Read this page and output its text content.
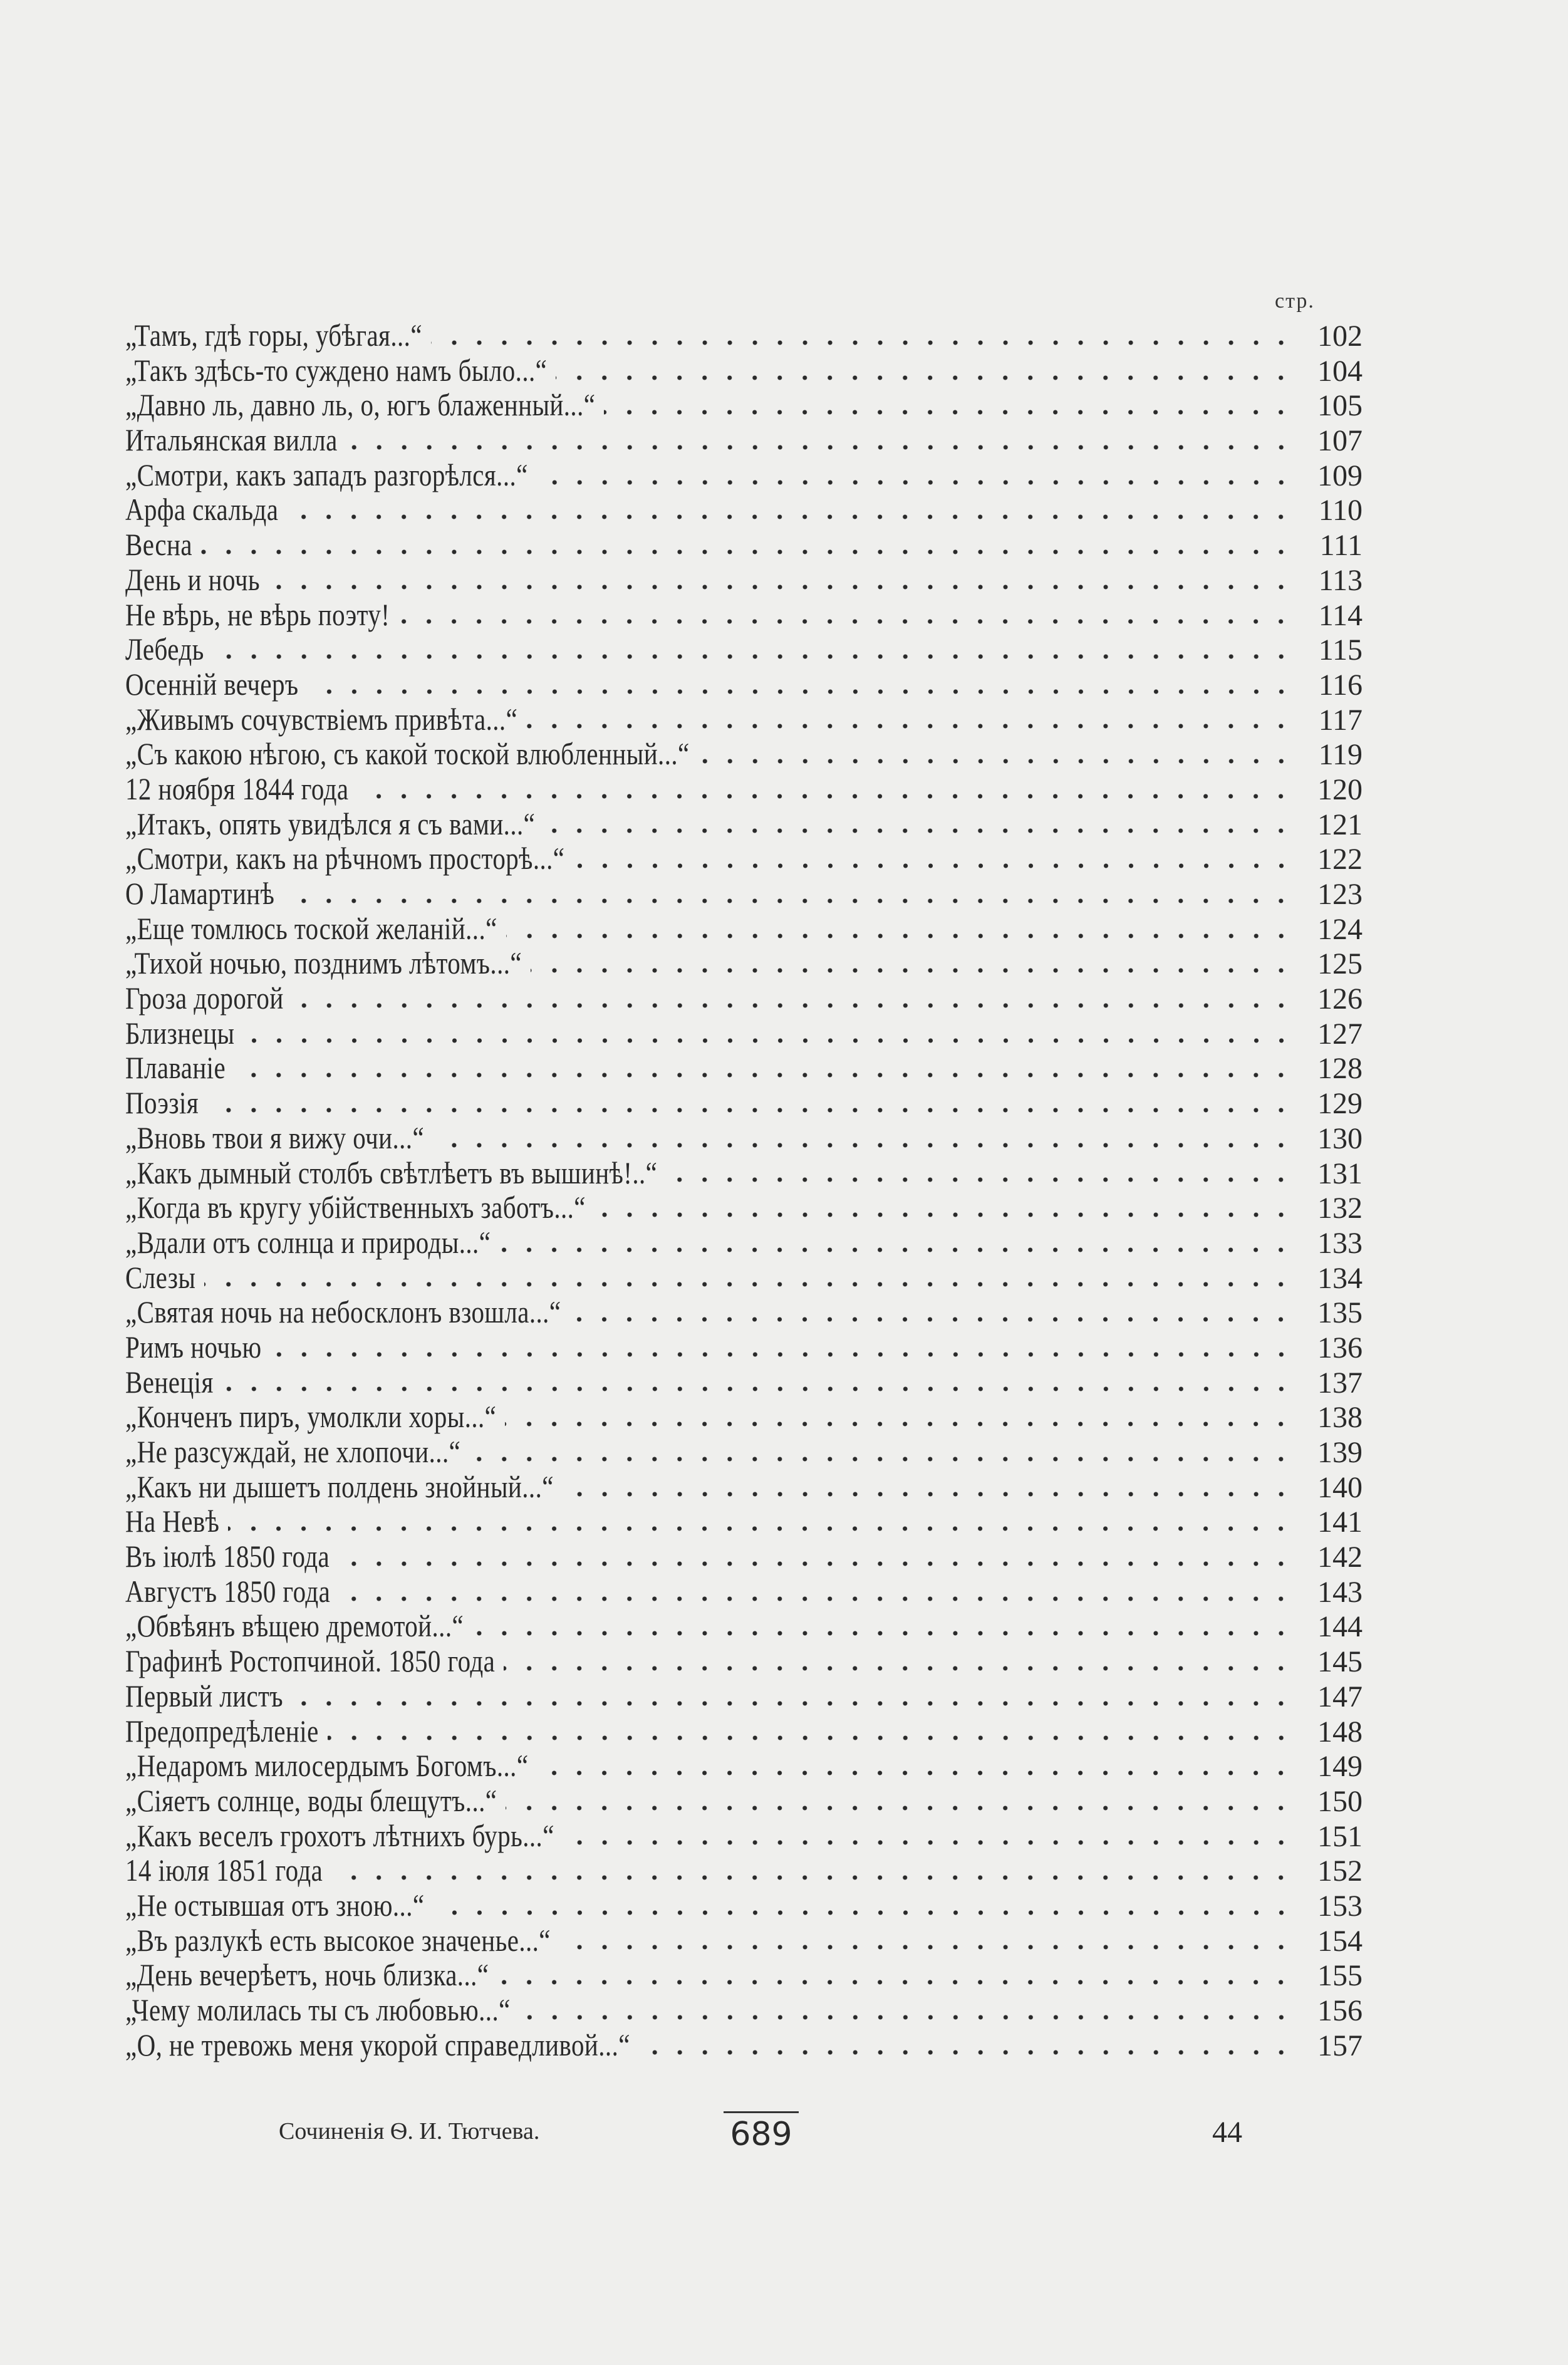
стр.
„Тамъ, гдѣ горы, убѣгая...“	102
„Такъ здѣсь-то суждено намъ было...“	104
„Давно ль, давно ль, о, югъ блаженный...“	105
Итальянская вилла	107
„Смотри, какъ западъ разгорѣлся...“	109
Арфа скальда	110
Весна	111
День и ночь	113
Не вѣрь, не вѣрь поэту!	114
Лебедь	115
Осенній вечеръ	116
„Живымъ сочувствіемъ привѣта...“	117
„Съ какою нѣгою, съ какой тоской влюбленный...“	119
12 ноября 1844 года	120
„Итакъ, опять увидѣлся я съ вами...“	121
„Смотри, какъ на рѣчномъ просторѣ...“	122
О Ламартинѣ	123
„Еще томлюсь тоской желаній...“	124
„Тихой ночью, позднимъ лѣтомъ...“	125
Гроза дорогой	126
Близнецы	127
Плаваніе	128
Поэзія	129
„Вновь твои я вижу очи...“	130
„Какъ дымный столбъ свѣтлѣетъ въ вышинѣ!..“	131
„Когда въ кругу убійственныхъ заботъ...“	132
„Вдали отъ солнца и природы...“	133
Слезы	134
„Святая ночь на небосклонъ взошла...“	135
Римъ ночью	136
Венеція	137
„Конченъ пиръ, умолкли хоры...“	138
„Не разсуждай, не хлопочи...“	139
„Какъ ни дышетъ полдень знойный...“	140
На Невѣ	141
Въ іюлѣ 1850 года	142
Августъ 1850 года	143
„Обвѣянъ вѣщею дремотой...“	144
Графинѣ Ростопчиной. 1850 года	145
Первый листъ	147
Предопредѣленіе	148
„Недаромъ милосердымъ Богомъ...“	149
„Сіяетъ солнце, воды блещутъ...“	150
„Какъ веселъ грохотъ лѣтнихъ бурь...“	151
14 іюля 1851 года	152
„Не остывшая отъ зною...“	153
„Въ разлукѣ есть высокое значенье...“	154
„День вечерѣетъ, ночь близка...“	155
„Чему молилась ты съ любовью...“	156
„О, не тревожь меня укорой справедливой...“	157
Сочиненія Ѳ. И. Тютчева.	689	44
